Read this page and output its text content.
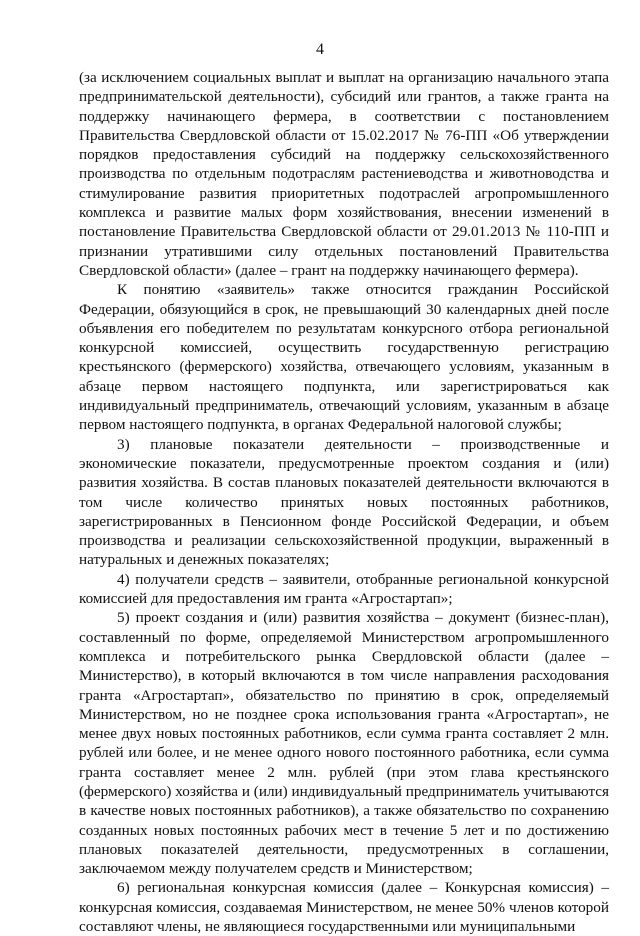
4

(за исключением социальных выплат и выплат на организацию начального этапа предпринимательской деятельности), субсидий или грантов, а также гранта на поддержку начинающего фермера, в соответствии с постановлением Правительства Свердловской области от 15.02.2017 № 76-ПП «Об утверждении порядков предоставления субсидий на поддержку сельскохозяйственного производства по отдельным подотраслям растениеводства и животноводства и стимулирование развития приоритетных подотраслей агропромышленного комплекса и развитие малых форм хозяйствования, внесении изменений в постановление Правительства Свердловской области от 29.01.2013 № 110-ПП и признании утратившими силу отдельных постановлений Правительства Свердловской области» (далее – грант на поддержку начинающего фермера).

К понятию «заявитель» также относится гражданин Российской Федерации, обязующийся в срок, не превышающий 30 календарных дней после объявления его победителем по результатам конкурсного отбора региональной конкурсной комиссией, осуществить государственную регистрацию крестьянского (фермерского) хозяйства, отвечающего условиям, указанным в абзаце первом настоящего подпункта, или зарегистрироваться как индивидуальный предприниматель, отвечающий условиям, указанным в абзаце первом настоящего подпункта, в органах Федеральной налоговой службы;

3) плановые показатели деятельности – производственные и экономические показатели, предусмотренные проектом создания и (или) развития хозяйства. В состав плановых показателей деятельности включаются в том числе количество принятых новых постоянных работников, зарегистрированных в Пенсионном фонде Российской Федерации, и объем производства и реализации сельскохозяйственной продукции, выраженный в натуральных и денежных показателях;

4) получатели средств – заявители, отобранные региональной конкурсной комиссией для предоставления им гранта «Агростартап»;

5) проект создания и (или) развития хозяйства – документ (бизнес-план), составленный по форме, определяемой Министерством агропромышленного комплекса и потребительского рынка Свердловской области (далее – Министерство), в который включаются в том числе направления расходования гранта «Агростартап», обязательство по принятию в срок, определяемый Министерством, но не позднее срока использования гранта «Агростартап», не менее двух новых постоянных работников, если сумма гранта составляет 2 млн. рублей или более, и не менее одного нового постоянного работника, если сумма гранта составляет менее 2 млн. рублей (при этом глава крестьянского (фермерского) хозяйства и (или) индивидуальный предприниматель учитываются в качестве новых постоянных работников), а также обязательство по сохранению созданных новых постоянных рабочих мест в течение 5 лет и по достижению плановых показателей деятельности, предусмотренных в соглашении, заключаемом между получателем средств и Министерством;

6) региональная конкурсная комиссия (далее – Конкурсная комиссия) – конкурсная комиссия, создаваемая Министерством, не менее 50% членов которой составляют члены, не являющиеся государственными или муниципальными
